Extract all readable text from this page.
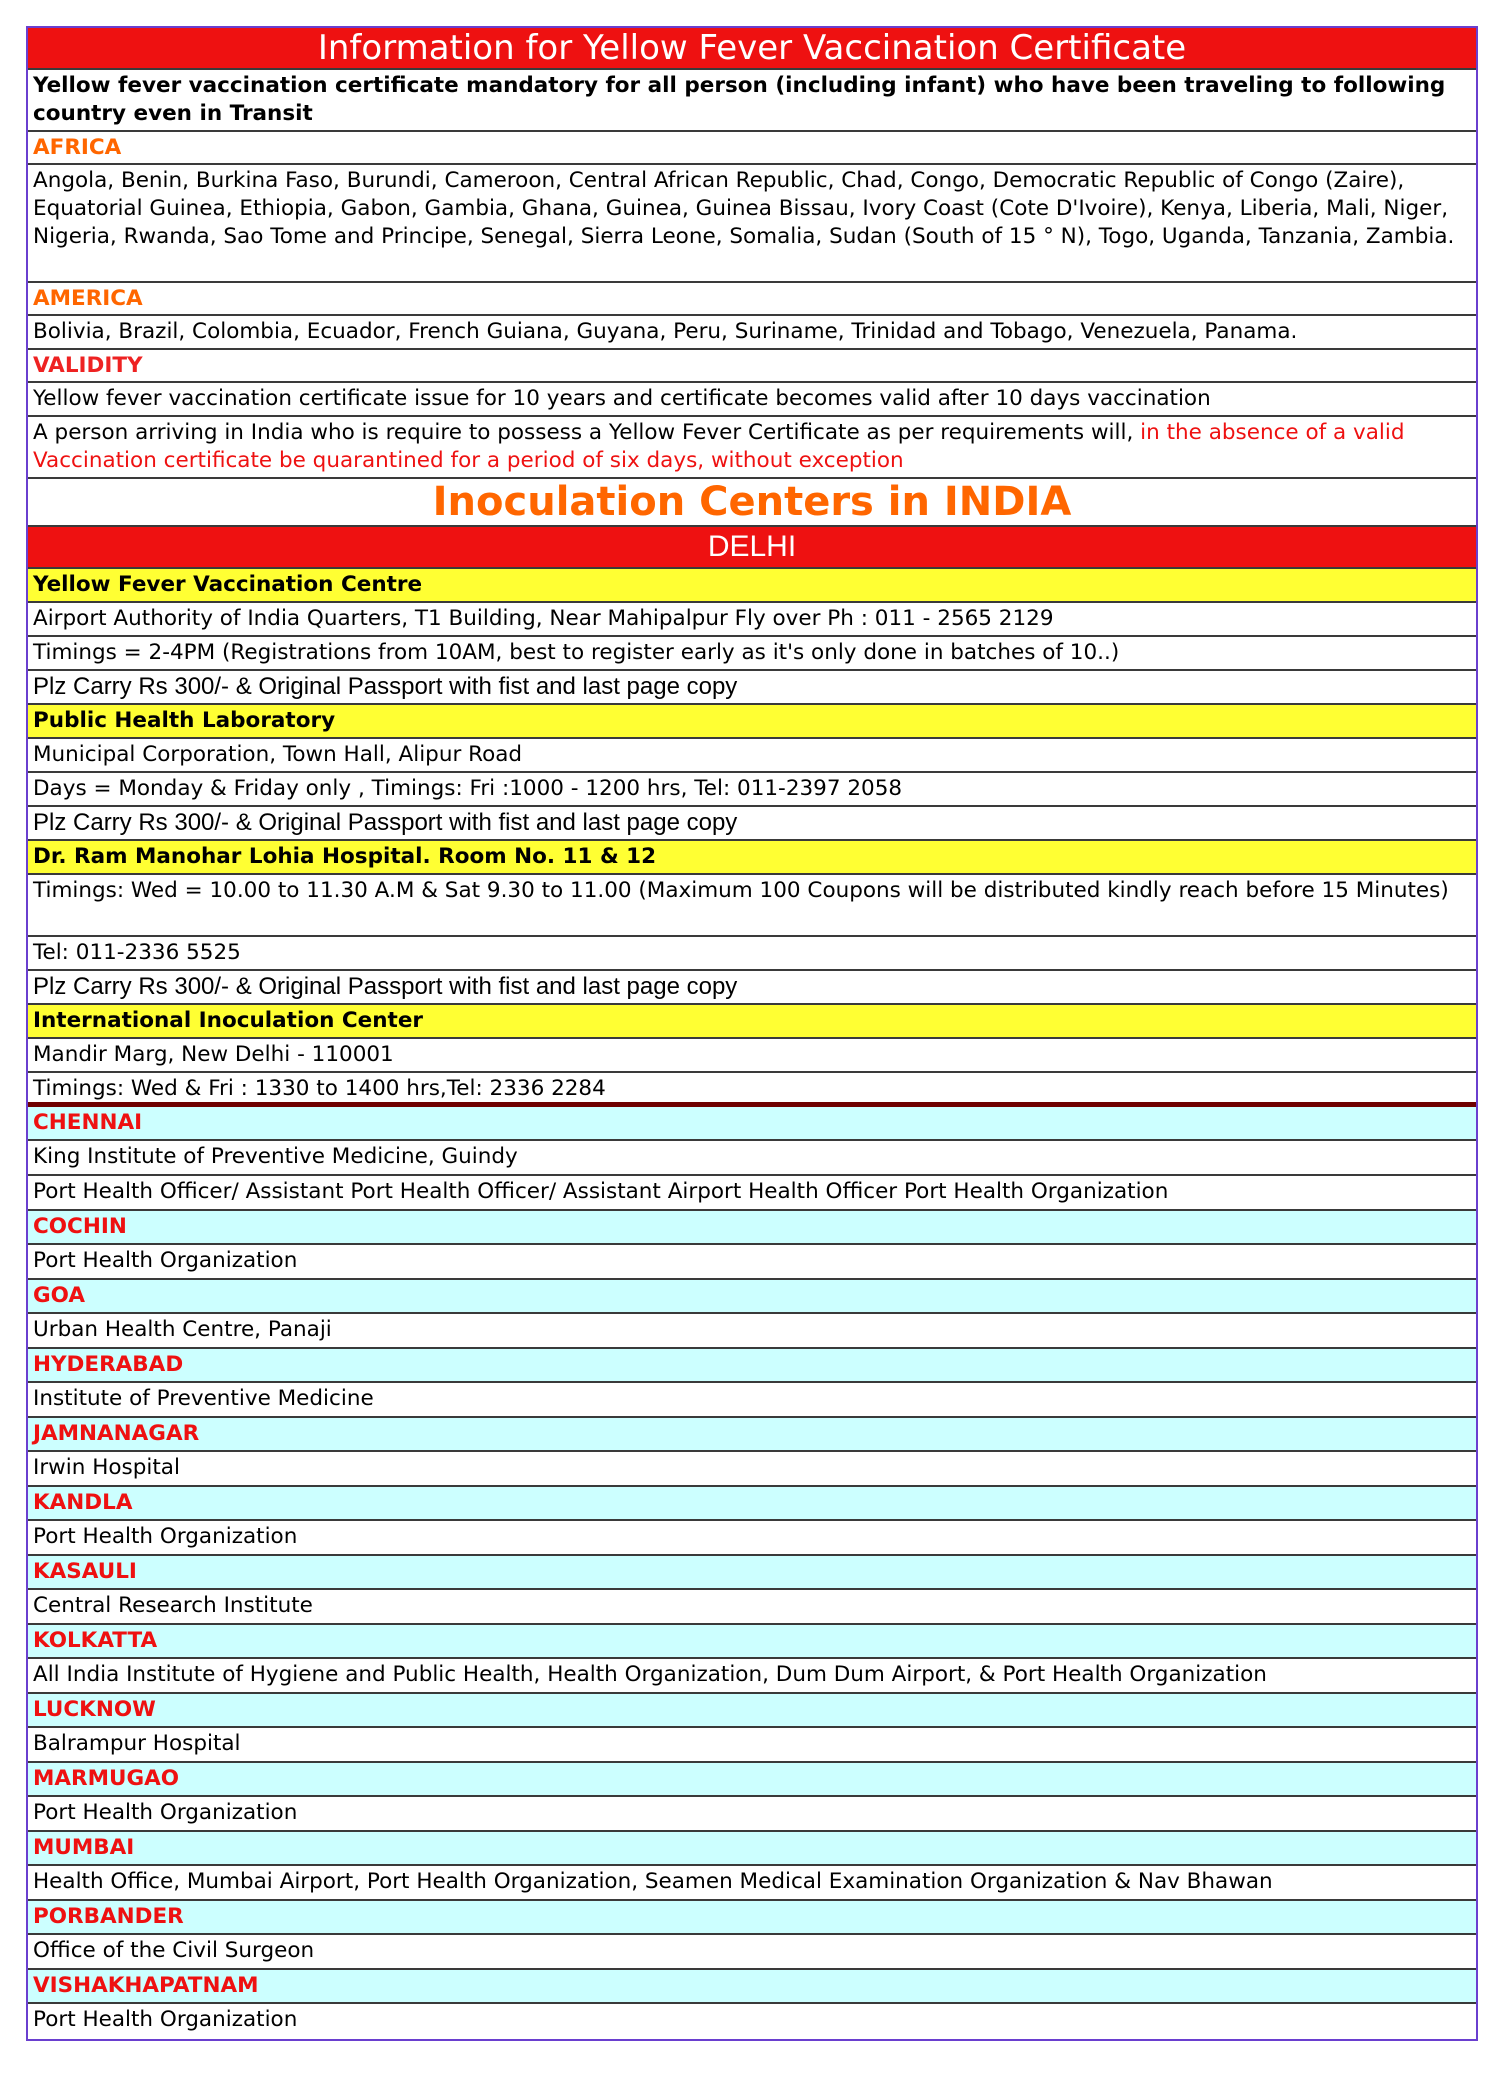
Information for Yellow Fever Vaccination Certificate
Yellow fever vaccination certificate mandatory for all person (including infant) who have been traveling to following country even in Transit
AFRICA
Angola, Benin, Burkina Faso, Burundi, Cameroon, Central African Republic, Chad, Congo, Democratic Republic of Congo (Zaire), Equatorial Guinea, Ethiopia, Gabon, Gambia, Ghana, Guinea, Guinea Bissau, Ivory Coast (Cote D'Ivoire), Kenya, Liberia, Mali, Niger, Nigeria, Rwanda, Sao Tome and Principe, Senegal, Sierra Leone, Somalia, Sudan (South of 15 ° N), Togo, Uganda, Tanzania, Zambia.
AMERICA
Bolivia, Brazil, Colombia, Ecuador, French Guiana, Guyana, Peru, Suriname, Trinidad and Tobago, Venezuela, Panama.
VALIDITY
Yellow fever vaccination certificate issue for 10 years and certificate becomes valid after 10 days vaccination
A person arriving in India who is require to possess a Yellow Fever Certificate as per requirements will, in the absence of a valid Vaccination certificate be quarantined for a period of six days, without exception
Inoculation Centers in INDIA
DELHI
Yellow Fever Vaccination Centre
Airport Authority of India Quarters, T1 Building, Near Mahipalpur Fly over Ph : 011 - 2565 2129
Timings = 2-4PM (Registrations from 10AM, best to register early as it's only done in batches of 10..)
Plz Carry Rs 300/- & Original Passport with fist and last page copy
Public Health Laboratory
Municipal Corporation, Town Hall, Alipur Road
Days = Monday & Friday only , Timings: Fri :1000 - 1200 hrs, Tel: 011-2397 2058
Plz Carry Rs 300/- & Original Passport with fist and last page copy
Dr. Ram Manohar Lohia Hospital. Room No. 11 & 12
Timings: Wed = 10.00 to 11.30 A.M & Sat 9.30 to 11.00 (Maximum 100 Coupons will be distributed kindly reach before 15 Minutes)
Tel: 011-2336 5525
Plz Carry Rs 300/- & Original Passport with fist and last page copy
International Inoculation Center
Mandir Marg, New Delhi - 110001
Timings: Wed & Fri : 1330 to 1400 hrs,Tel: 2336 2284
CHENNAI
King Institute of Preventive Medicine, Guindy
Port Health Officer/ Assistant Port Health Officer/ Assistant Airport Health Officer Port Health Organization
COCHIN
Port Health Organization
GOA
Urban Health Centre, Panaji
HYDERABAD
Institute of Preventive Medicine
JAMNANAGAR
Irwin Hospital
KANDLA
Port Health Organization
KASAULI
Central Research Institute
KOLKATTA
All India Institute of Hygiene and Public Health, Health Organization, Dum Dum Airport, & Port Health Organization
LUCKNOW
Balrampur Hospital
MARMUGAO
Port Health Organization
MUMBAI
Health Office, Mumbai Airport, Port Health Organization, Seamen Medical Examination Organization & Nav Bhawan
PORBANDER
Office of the Civil Surgeon
VISHAKHAPATNAM
Port Health Organization
